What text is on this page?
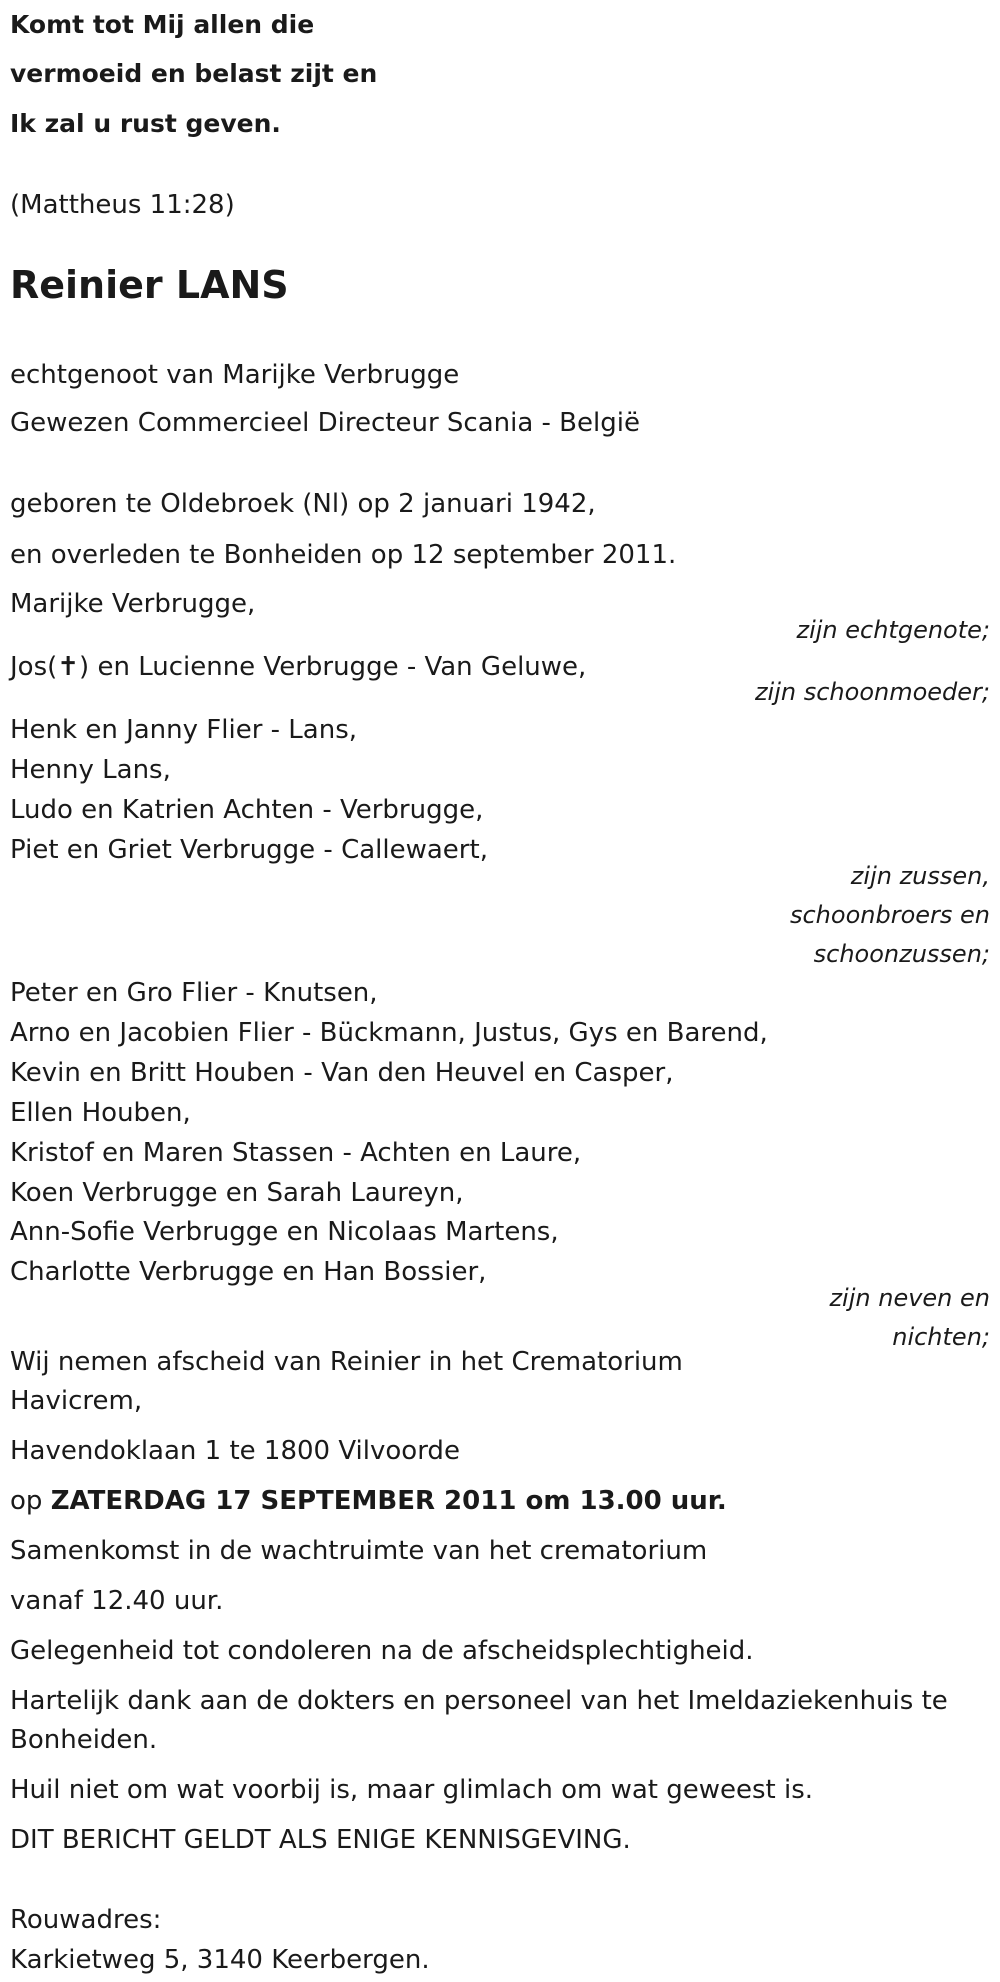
Komt tot Mij allen die

vermoeid en belast zijt en

Ik zal u rust geven.

(Mattheus 11:28)

Reinier LANS

echtgenoot van Marijke Verbrugge

Gewezen Commercieel Directeur Scania - België

geboren te Oldebroek (Nl) op 2 januari 1942,

en overleden te Bonheiden op 12 september 2011.

Marijke Verbrugge,

zijn echtgenote;

Jos(✝) en Lucienne Verbrugge - Van Geluwe,

zijn schoonmoeder;

Henk en Janny Flier - Lans,

Henny Lans,

Ludo en Katrien Achten - Verbrugge,

Piet en Griet Verbrugge - Callewaert,

zijn zussen,

schoonbroers en

schoonzussen;

Peter en Gro Flier - Knutsen,

Arno en Jacobien Flier - Bückmann, Justus, Gys en Barend,

Kevin en Britt Houben - Van den Heuvel en Casper,

Ellen Houben,

Kristof en Maren Stassen - Achten en Laure,

Koen Verbrugge en Sarah Laureyn,

Ann-Sofie Verbrugge en Nicolaas Martens,

Charlotte Verbrugge en Han Bossier,

zijn neven en

nichten;

Wij nemen afscheid van Reinier in het Crematorium

Havicrem,

Havendoklaan 1 te 1800 Vilvoorde

op ZATERDAG 17 SEPTEMBER 2011 om 13.00 uur.

Samenkomst in de wachtruimte van het crematorium

vanaf 12.40 uur.

Gelegenheid tot condoleren na de afscheidsplechtigheid.

Hartelijk dank aan de dokters en personeel van het Imeldaziekenhuis te

Bonheiden.

Huil niet om wat voorbij is, maar glimlach om wat geweest is.

DIT BERICHT GELDT ALS ENIGE KENNISGEVING.

Rouwadres:

Karkietweg 5, 3140 Keerbergen.
